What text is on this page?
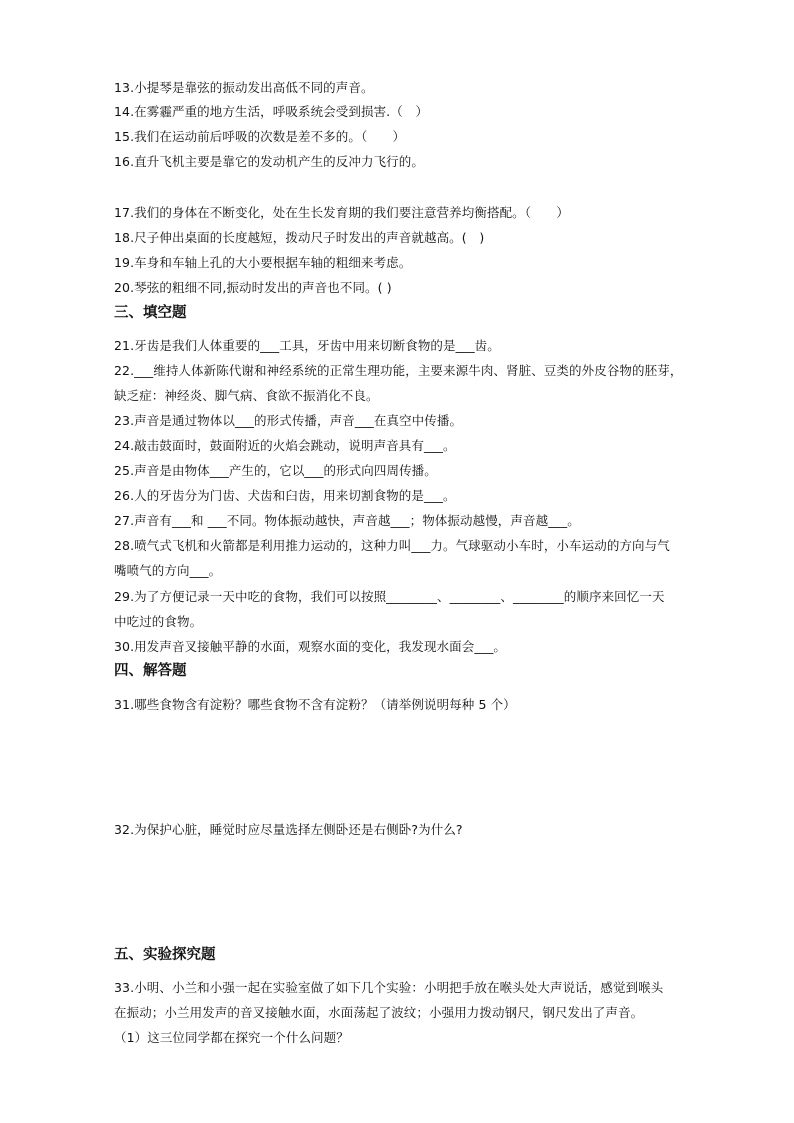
13.小提琴是靠弦的振动发出高低不同的声音。
14.在雾霾严重的地方生活，呼吸系统会受到损害.（　）
15.我们在运动前后呼吸的次数是差不多的。（　　）
16.直升飞机主要是靠它的发动机产生的反冲力飞行的。
17.我们的身体在不断变化，处在生长发育期的我们要注意营养均衡搭配。（　　）
18.尺子伸出桌面的长度越短，拨动尺子时发出的声音就越高。(　)
19.车身和车轴上孔的大小要根据车轴的粗细来考虑。
20.琴弦的粗细不同,振动时发出的声音也不同。( )
三、填空题
21.牙齿是我们人体重要的___工具，牙齿中用来切断食物的是___齿。
22.___维持人体新陈代谢和神经系统的正常生理功能，主要来源牛肉、肾脏、豆类的外皮谷物的胚芽，
缺乏症：神经炎、脚气病、食欲不振消化不良。
23.声音是通过物体以___的形式传播，声音___在真空中传播。
24.敲击鼓面时，鼓面附近的火焰会跳动，说明声音具有___。
25.声音是由物体___产生的，它以___的形式向四周传播。
26.人的牙齿分为门齿、犬齿和臼齿，用来切割食物的是___。
27.声音有___和 ___不同。物体振动越快，声音越___；物体振动越慢，声音越___。
28.喷气式飞机和火箭都是利用推力运动的，这种力叫___力。气球驱动小车时，小车运动的方向与气
嘴喷气的方向___。
29.为了方便记录一天中吃的食物，我们可以按照________、________、________的顺序来回忆一天
中吃过的食物。
30.用发声音叉接触平静的水面，观察水面的变化，我发现水面会___。
四、解答题
31.哪些食物含有淀粉？哪些食物不含有淀粉？（请举例说明每种 5 个）
32.为保护心脏，睡觉时应尽量选择左侧卧还是右侧卧?为什么?
五、实验探究题
33.小明、小兰和小强一起在实验室做了如下几个实验：小明把手放在喉头处大声说话，感觉到喉头
在振动；小兰用发声的音叉接触水面，水面荡起了波纹；小强用力拨动钢尺，钢尺发出了声音。
（1）这三位同学都在探究一个什么问题？
